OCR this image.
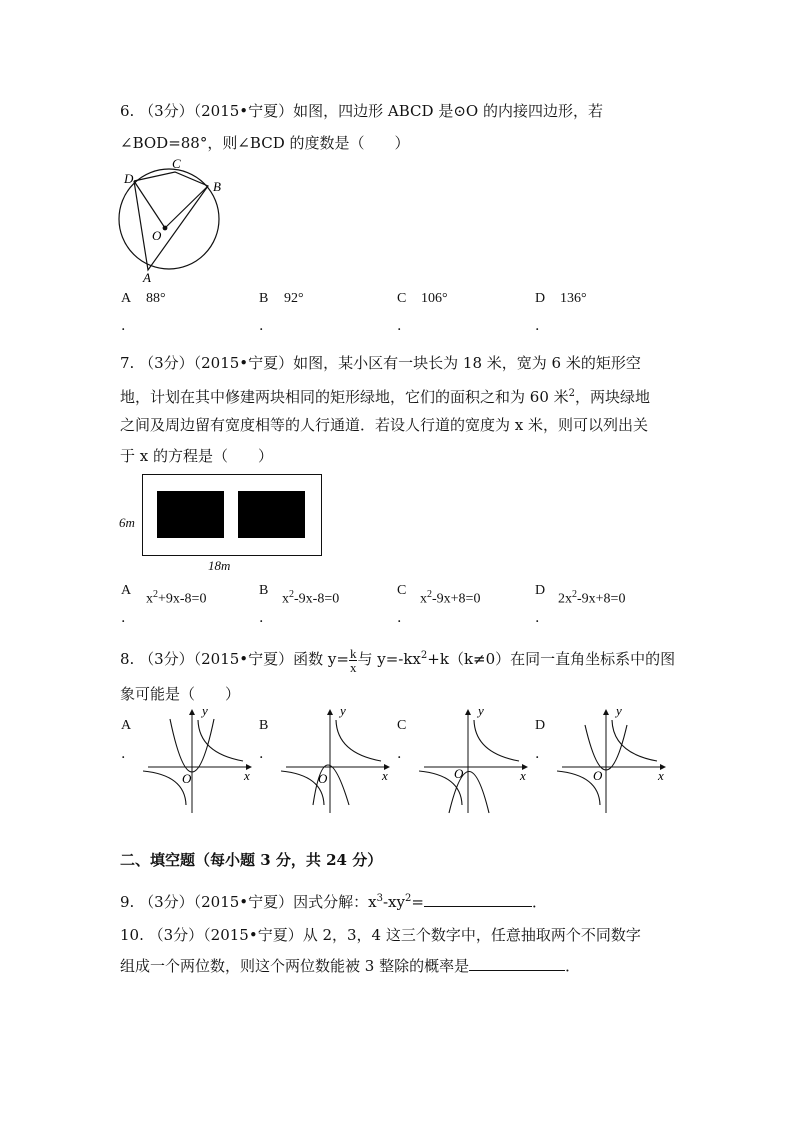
6. （3分）（2015•宁夏）如图，四边形 ABCD 是⊙O 的内接四边形，若
∠BOD=88°，则∠BCD 的度数是（　　）
D
C
B
O
A
A 88°
.
B 92°
.
C 106°
.
D 136°
.
7. （3分）（2015•宁夏）如图，某小区有一块长为 18 米，宽为 6 米的矩形空
地，计划在其中修建两块相同的矩形绿地，它们的面积之和为 60 米$^2$，两块绿地
之间及周边留有宽度相等的人行通道．若设人行道的宽度为 x 米，则可以列出关
于 x 的方程是（　　）
6m
18m
A
$x^2+9x-8=0$
.
B
$x^2-9x-8=0$
.
C
$x^2-9x+8=0$
.
D
$2x^2-9x+8=0$
.
8. （3分）（2015•宁夏）函数 $y= \frac{k}{x}$ 与 $y=-kx^2+k(k\ne 0)$在同一直角坐标系中的图
象可能是（　　）
A
.
B
.
C
.
D
.
y
x
O
y
x
O
y
x
O
y
x
O
二、填空题（每小题 3 分，共 24 分）
9. （3分）（2015•宁夏）因式分解：$x^3-xy^2=$	．
10. （3分）（2015•宁夏）从 2，3，4 这三个数字中，任意抽取两个不同数字
组成一个两位数，则这个两位数能被 3 整除的概率是	．
